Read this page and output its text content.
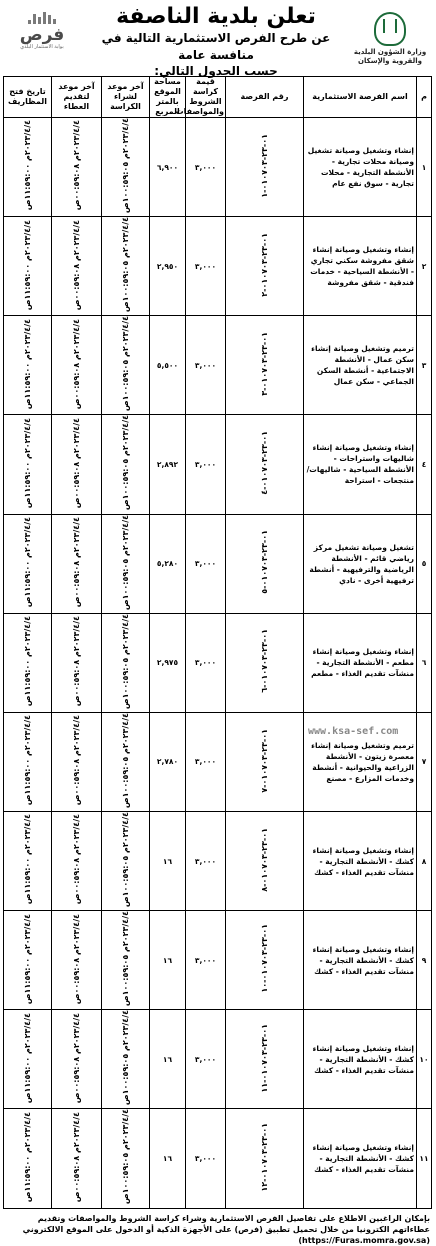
وزارة الشؤون البلدية
والقروية والإسكان
تعلن بلدية الناصفة
عن طرح الفرص الاستثمارية التالية في منافسة عامة
حسب الجدول التالي:
فرص
بوابة الاستثمار البلدي
م	اسم الفرصة الاستثمارية	رقم الفرصة	قيمة كراسة الشروط والمواصفات	مساحة الموقع بالمتر المربع	آخر موعد لشراء الكراسة	آخر موعد لتقديم العطاء	تاريخ فتح المظاريف
١	إنشاء وتشغيل وصيانة تشغيل وصيانة محلات تجارية - الأنشطة التجارية - محلات تجارية - سوق نفع عام	٠١-٢٣-٠١٠٧٠٣-١	٣,٠٠٠	٦,٩٠٠	٢٠٢٣/٤/٤م ١٠٠:٥٩:٠٥ص	٢٠٢٣/٤/٤م ٠٠:٥٩:٠٨ص	٢٠٢٣/٤/٤م ١١:٥٩:٠٠ص
٢	إنشاء وتشغيل وصيانة إنشاء شقق مفروشة سكني تجاري - الأنشطة السياحية - خدمات فندقية - شقق مفروشة	٠١-٢٣-٠١٠٧٠٣-٢	٣,٠٠٠	٢,٩٥٠	٢٠٢٣/٤/٤م ١٠٠:٥٩:٠٥ص	٢٠٢٣/٤/٤م ٠٠:٥٩:٠٨ص	٢٠٢٣/٤/٤م ١١:٥٩:٠٠ص
٣	ترميم وتشغيل وصيانة إنشاء سكن عمال - الأنشطة الاجتماعية - أنشطة السكن الجماعي - سكن عمال	٠١-٢٣-٠١٠٧٠٣-٣	٣,٠٠٠	٥,٥٠٠	٢٠٢٣/٤/٤م ١٠٠:٥٩:٠٥ص	٢٠٢٣/٤/٤م ٠٠:٥٩:٠٨ص	٢٠٢٣/٤/٤م ١١:٥٩:٠٠ص
٤	إنشاء وتشغيل وصيانة إنشاء شاليهات واستراحات - الأنشطة السياحية - شاليهات/ منتجعات - استراحة	٠١-٢٣-٠١٠٧٠٣-٤	٣,٠٠٠	٢,٨٩٢	٢٠٢٣/٤/٤م ١٠٠:٥٩:٠٥ص	٢٠٢٣/٤/٤م ٠٠:٥٩:٠٨ص	٢٠٢٣/٤/٤م ١١:٥٩:٠٠ص
٥	تشغيل وصيانة تشغيل مركز رياضي قائم - الأنشطة الرياضية والترفيهية - أنشطة ترفيهية أخرى - نادي	٠١-٢٣-٠١٠٧٠٣-٥	٣,٠٠٠	٥,٢٨٠	٢٠٢٣/٤/٤م ١٠٠:٥٩:٠٥ص	٢٠٢٣/٤/٤م ٠٠:٥٩:٠٨ص	٢٠٢٣/٤/٤م ١١:٥٩:٠٠ص
٦	إنشاء وتشغيل وصيانة إنشاء مطعم - الأنشطة التجارية - منشآت تقديم الغذاء - مطعم	٠١-٢٣-٠١٠٧٠٣-٦	٣,٠٠٠	٢,٩٧٥	٢٠٢٣/٤/٤م ١٠٠:٥٩:٠٥ص	٢٠٢٣/٤/٤م ٠٠:٥٩:٠٨ص	٢٠٢٣/٤/٤م ١١:٥٩:٠٠ص
٧	ترميم وتشغيل وصيانة إنشاء معصرة زيتون - الأنشطة الزراعية والحيوانية - أنشطة وخدمات المزارع - مصنع	٠١-٢٣-٠١٠٧٠٣-٧	٣,٠٠٠	٢,٧٨٠	٢٠٢٣/٤/٤م ١٠٠:٥٩:٠٥ص	٢٠٢٣/٤/٤م ٠٠:٥٩:٠٨ص	٢٠٢٣/٤/٤م ١١:٥٩:٠٠ص
٨	إنشاء وتشغيل وصيانة إنشاء كشك - الأنشطة التجارية - منشآت تقديم الغذاء - كشك	٠١-٢٣-٠١٠٧٠٣-٨	٣,٠٠٠	١٦	٢٠٢٣/٤/٤م ١٠٠:٥٩:٠٥ص	٢٠٢٣/٤/٤م ٠٠:٥٩:٠٨ص	٢٠٢٣/٤/٤م ١١:٥٩:٠٠ص
٩	إنشاء وتشغيل وصيانة إنشاء كشك - الأنشطة التجارية - منشآت تقديم الغذاء - كشك	٠١-٢٣-٠١٠٧٠٣-١٠	٣,٠٠٠	١٦	٢٠٢٣/٤/٤م ١٠٠:٥٩:٠٥ص	٢٠٢٣/٤/٤م ٠٠:٥٩:٠٨ص	٢٠٢٣/٤/٤م ١١:٥٩:٠٠ص
١٠	إنشاء وتشغيل وصيانة إنشاء كشك - الأنشطة التجارية - منشآت تقديم الغذاء - كشك	٠١-٢٣-٠١٠٧٠٣-١١	٣,٠٠٠	١٦	٢٠٢٣/٤/٤م ١٠٠:٥٩:٠٥ص	٢٠٢٣/٤/٤م ٠٠:٥٩:٠٨ص	٢٠٢٣/٤/٤م ١١:٥٩:٠٠ص
١١	إنشاء وتشغيل وصيانة إنشاء كشك - الأنشطة التجارية - منشآت تقديم الغذاء - كشك	٠١-٢٣-٠١٠٧٠٣-١٢	٣,٠٠٠	١٦	٢٠٢٣/٤/٤م ١٠٠:٥٩:٠٥ص	٢٠٢٣/٤/٤م ٠٠:٥٩:٠٨ص	٢٠٢٣/٤/٤م ١١:٥٩:٠٠ص
بإمكان الراغبين الاطلاع على تفاصيل الفرص الاستثمارية وشراء كراسة الشروط والمواصفات وتقديم عطاءاتهم الكترونيا من خلال تحميل تطبيق (فرص) على الأجهزة الذكية أو الدخول على الموقع الالكتروني (https://Furas.momra.gov.sa)
www.ksa-sef.com
